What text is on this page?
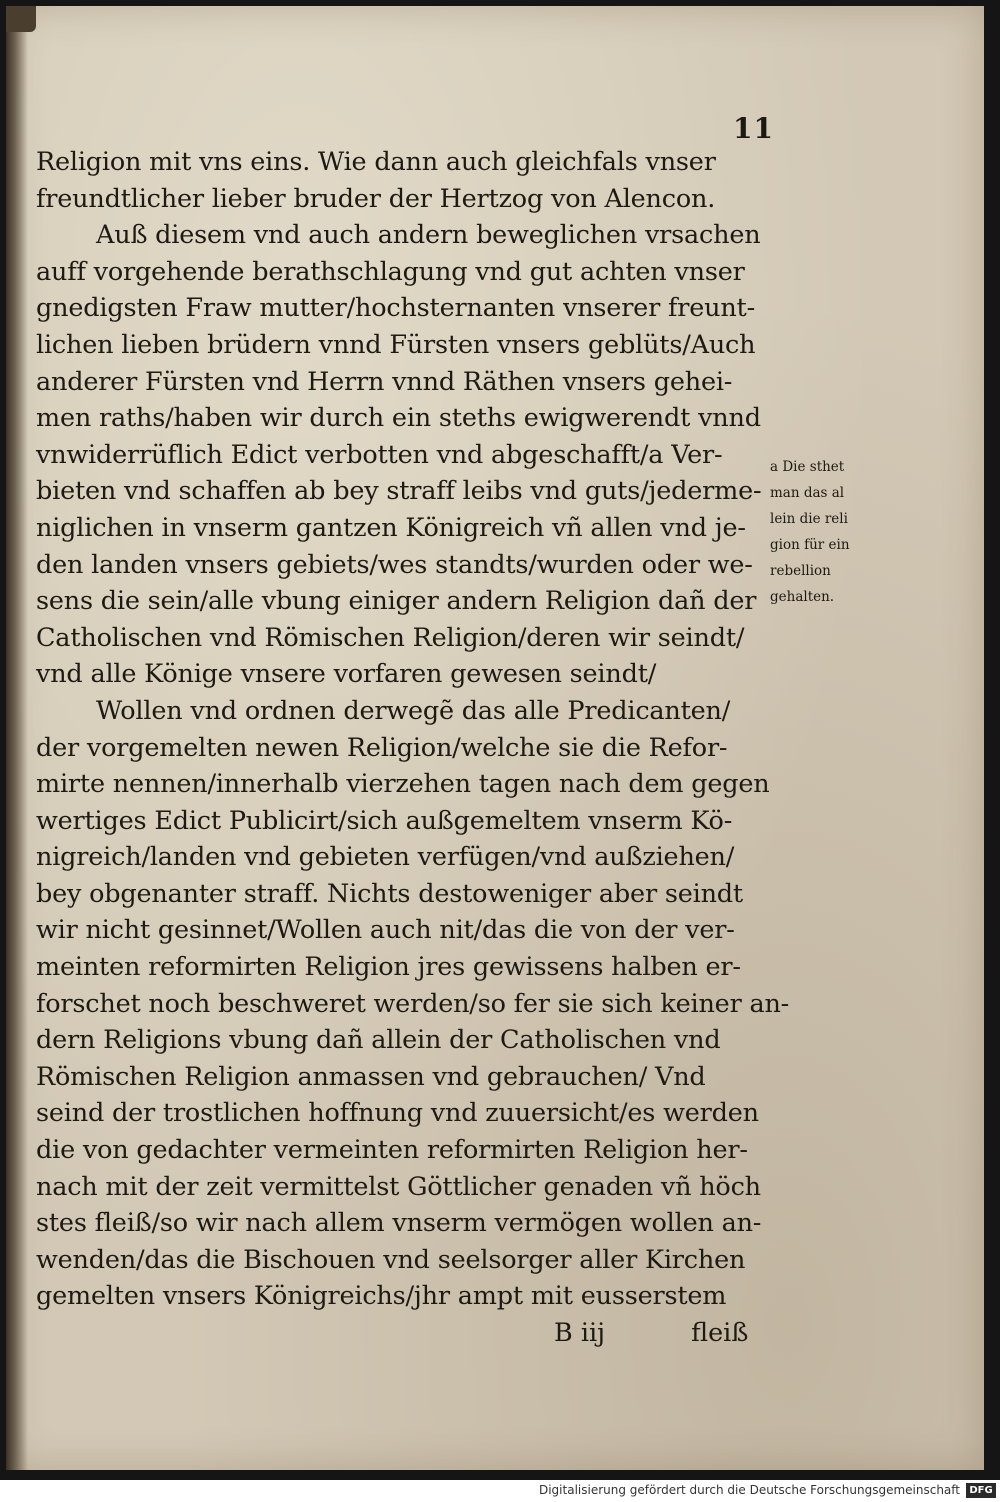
11
Religion mit vns eins. Wie dann auch gleichfals vnser
freundtlicher lieber bruder der Hertzog von Alencon.
Auß diesem vnd auch andern beweglichen vrsachen
auff vorgehende berathschlagung vnd gut achten vnser
gnedigsten Fraw mutter/hochsternanten vnserer freunt-
lichen lieben brüdern vnnd Fürsten vnsers geblüts/Auch
anderer Fürsten vnd Herrn vnnd Räthen vnsers gehei-
men raths/haben wir durch ein steths ewigwerendt vnnd
vnwiderrüflich Edict verbotten vnd abgeschafft/a Ver-
bieten vnd schaffen ab bey straff leibs vnd guts/jederme-
niglichen in vnserm gantzen Königreich vñ allen vnd je-
den landen vnsers gebiets/wes standts/wurden oder we-
sens die sein/alle vbung einiger andern Religion dañ der
Catholischen vnd Römischen Religion/deren wir seindt/
vnd alle Könige vnsere vorfaren gewesen seindt/
Wollen vnd ordnen derwegẽ das alle Predicanten/
der vorgemelten newen Religion/welche sie die Refor-
mirte nennen/innerhalb vierzehen tagen nach dem gegen
wertiges Edict Publicirt/sich außgemeltem vnserm Kö-
nigreich/landen vnd gebieten verfügen/vnd außziehen/
bey obgenanter straff. Nichts destoweniger aber seindt
wir nicht gesinnet/Wollen auch nit/das die von der ver-
meinten reformirten Religion jres gewissens halben er-
forschet noch beschweret werden/so fer sie sich keiner an-
dern Religions vbung dañ allein der Catholischen vnd
Römischen Religion anmassen vnd gebrauchen/ Vnd
seind der trostlichen hoffnung vnd zuuersicht/es werden
die von gedachter vermeinten reformirten Religion her-
nach mit der zeit vermittelst Göttlicher genaden vñ höch
stes fleiß/so wir nach allem vnserm vermögen wollen an-
wenden/das die Bischouen vnd seelsorger aller Kirchen
gemelten vnsers Königreichs/jhr ampt mit eusserstem
B iij	fleiß
a Die sthet
man das al
lein die reli
gion für ein
rebellion
gehalten.
Digitalisierung gefördert durch die Deutsche Forschungsgemeinschaft DFG
